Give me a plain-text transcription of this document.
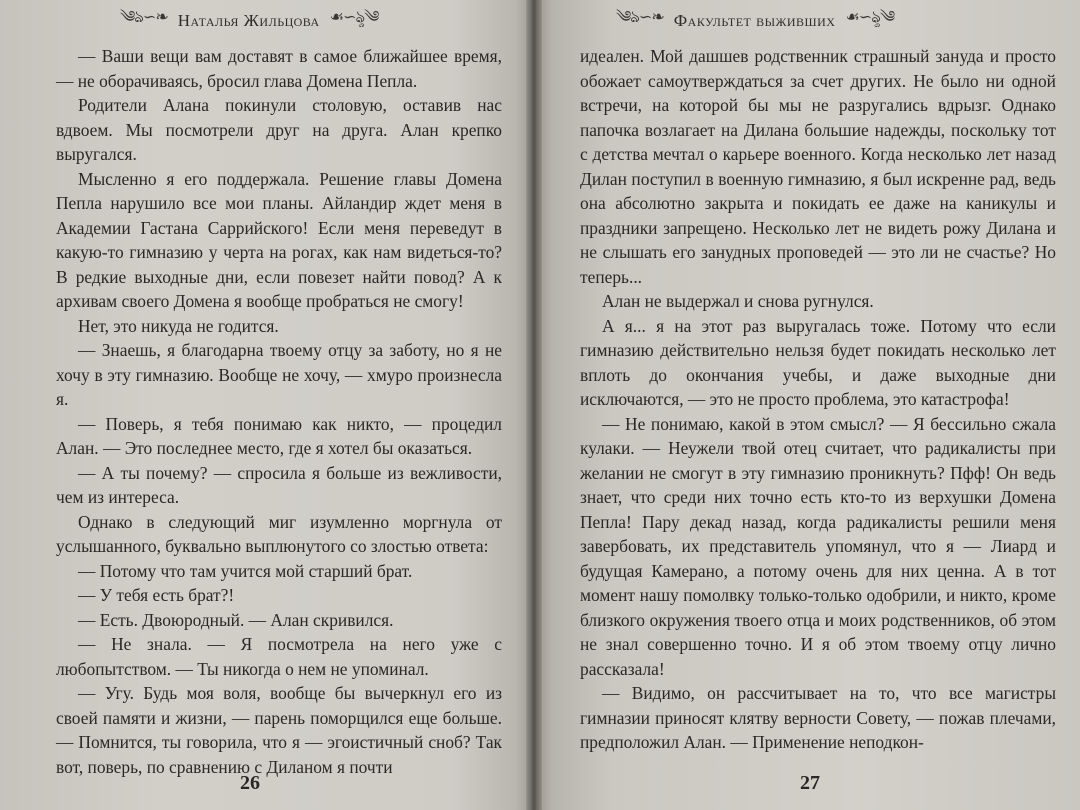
༄ঌ∽❧ Наталья Жильцова ☙∽ৡ༄

— Ваши вещи вам доставят в самое ближайшее время, — не оборачиваясь, бросил глава Домена Пепла.

Родители Алана покинули столовую, оставив нас вдвоем. Мы посмотрели друг на друга. Алан крепко выругался.

Мысленно я его поддержала. Решение главы Домена Пепла нарушило все мои планы. Айландир ждет меня в Академии Гастана Саррийского! Если меня переведут в какую-то гимназию у черта на рогах, как нам видеться-то? В редкие выходные дни, если повезет найти повод? А к архивам своего Домена я вообще пробраться не смогу!

Нет, это никуда не годится.

— Знаешь, я благодарна твоему отцу за заботу, но я не хочу в эту гимназию. Вообще не хочу, — хмуро произнесла я.

— Поверь, я тебя понимаю как никто, — процедил Алан. — Это последнее место, где я хотел бы оказаться.

— А ты почему? — спросила я больше из вежливости, чем из интереса.

Однако в следующий миг изумленно моргнула от услышанного, буквально выплюнутого со злостью ответа:

— Потому что там учится мой старший брат.

— У тебя есть брат?!

— Есть. Двоюродный. — Алан скривился.

— Не знала. — Я посмотрела на него уже с любопытством. — Ты никогда о нем не упоминал.

— Угу. Будь моя воля, вообще бы вычеркнул его из своей памяти и жизни, — парень поморщился еще больше. — Помнится, ты говорила, что я — эгоистичный сноб? Так вот, поверь, по сравнению с Диланом я почти

26
༄ঌ∽❧ Факультет выживших ☙∽ৡ༄

идеален. Мой дашшев родственник страшный зануда и просто обожает самоутверждаться за счет других. Не было ни одной встречи, на которой бы мы не разругались вдрызг. Однако папочка возлагает на Дилана большие надежды, поскольку тот с детства мечтал о карьере военного. Когда несколько лет назад Дилан поступил в военную гимназию, я был искренне рад, ведь она абсолютно закрыта и покидать ее даже на каникулы и праздники запрещено. Несколько лет не видеть рожу Дилана и не слышать его занудных проповедей — это ли не счастье? Но теперь...

Алан не выдержал и снова ругнулся.

А я... я на этот раз выругалась тоже. Потому что если гимназию действительно нельзя будет покидать несколько лет вплоть до окончания учебы, и даже выходные дни исключаются, — это не просто проблема, это катастрофа!

— Не понимаю, какой в этом смысл? — Я бессильно сжала кулаки. — Неужели твой отец считает, что радикалисты при желании не смогут в эту гимназию проникнуть? Пфф! Он ведь знает, что среди них точно есть кто-то из верхушки Домена Пепла! Пару декад назад, когда радикалисты решили меня завербовать, их представитель упомянул, что я — Лиард и будущая Камерано, а потому очень для них ценна. А в тот момент нашу помолвку только-только одобрили, и никто, кроме близкого окружения твоего отца и моих родственников, об этом не знал совершенно точно. И я об этом твоему отцу лично рассказала!

— Видимо, он рассчитывает на то, что все магистры гимназии приносят клятву верности Совету, — пожав плечами, предположил Алан. — Применение неподкон-

27
